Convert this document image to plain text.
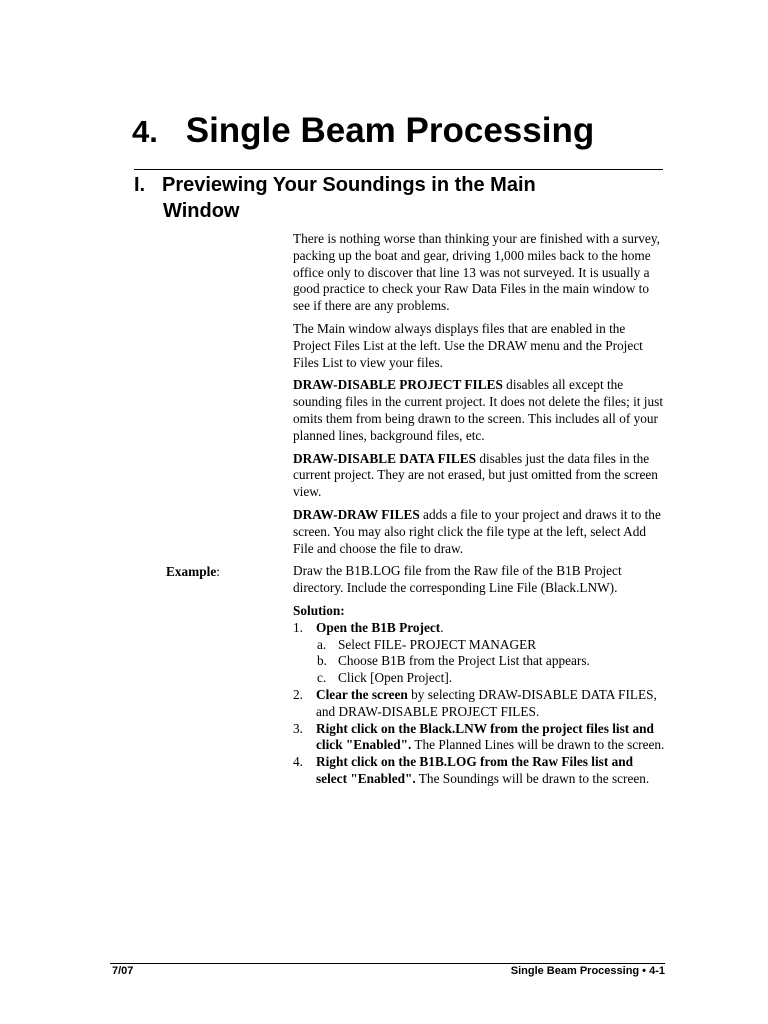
4. Single Beam Processing
I. Previewing Your Soundings in the Main
Window

There is nothing worse than thinking your are finished with a survey, packing up the boat and gear, driving 1,000 miles back to the home office only to discover that line 13 was not surveyed. It is usually a good practice to check your Raw Data Files in the main window to see if there are any problems.

The Main window always displays files that are enabled in the Project Files List at the left. Use the DRAW menu and the Project Files List to view your files.

DRAW-DISABLE PROJECT FILES disables all except the sounding files in the current project. It does not delete the files; it just omits them from being drawn to the screen. This includes all of your planned lines, background files, etc.

DRAW-DISABLE DATA FILES disables just the data files in the current project. They are not erased, but just omitted from the screen view.

DRAW-DRAW FILES adds a file to your project and draws it to the screen. You may also right click the file type at the left, select Add File and choose the file to draw.

Draw the B1B.LOG file from the Raw file of the B1B Project directory. Include the corresponding Line File (Black.LNW).

Solution:
1. Open the B1B Project.
a. Select FILE- PROJECT MANAGER
b. Choose B1B from the Project List that appears.
c. Click [Open Project].
2. Clear the screen by selecting DRAW-DISABLE DATA FILES, and DRAW-DISABLE PROJECT FILES.
3. Right click on the Black.LNW from the project files list and click "Enabled". The Planned Lines will be drawn to the screen.
4. Right click on the B1B.LOG from the Raw Files list and select "Enabled". The Soundings will be drawn to the screen.
Example:
7/07	Single Beam Processing • 4-1
